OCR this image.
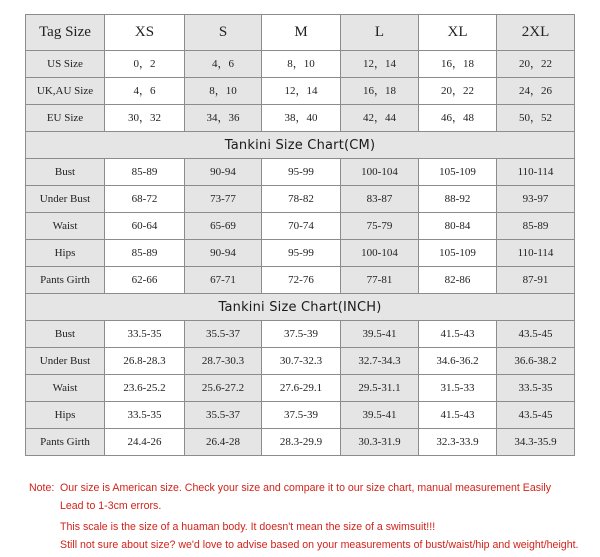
Tag Size	XS	S	M	L	XL	2XL
US Size	0，2	4，6	8，10	12，14	16，18	20，22
UK,AU Size	4，6	8，10	12，14	16，18	20，22	24，26
EU Size	30，32	34，36	38，40	42，44	46，48	50，52
Tankini Size Chart(CM)						
Bust	85-89	90-94	95-99	100-104	105-109	110-114
Under Bust	68-72	73-77	78-82	83-87	88-92	93-97
Waist	60-64	65-69	70-74	75-79	80-84	85-89
Hips	85-89	90-94	95-99	100-104	105-109	110-114
Pants Girth	62-66	67-71	72-76	77-81	82-86	87-91
Tankini Size Chart(INCH)						
Bust	33.5-35	35.5-37	37.5-39	39.5-41	41.5-43	43.5-45
Under Bust	26.8-28.3	28.7-30.3	30.7-32.3	32.7-34.3	34.6-36.2	36.6-38.2
Waist	23.6-25.2	25.6-27.2	27.6-29.1	29.5-31.1	31.5-33	33.5-35
Hips	33.5-35	35.5-37	37.5-39	39.5-41	41.5-43	43.5-45
Pants Girth	24.4-26	26.4-28	28.3-29.9	30.3-31.9	32.3-33.9	34.3-35.9
Note: Our size is American size. Check your size and compare it to our size chart, manual measurement Easily
Lead to 1-3cm errors.
This scale is the size of a huaman body. It doesn't mean the size of a swimsuit!!!
Still not sure about size? we'd love to advise based on your measurements of bust/waist/hip and weight/height.
